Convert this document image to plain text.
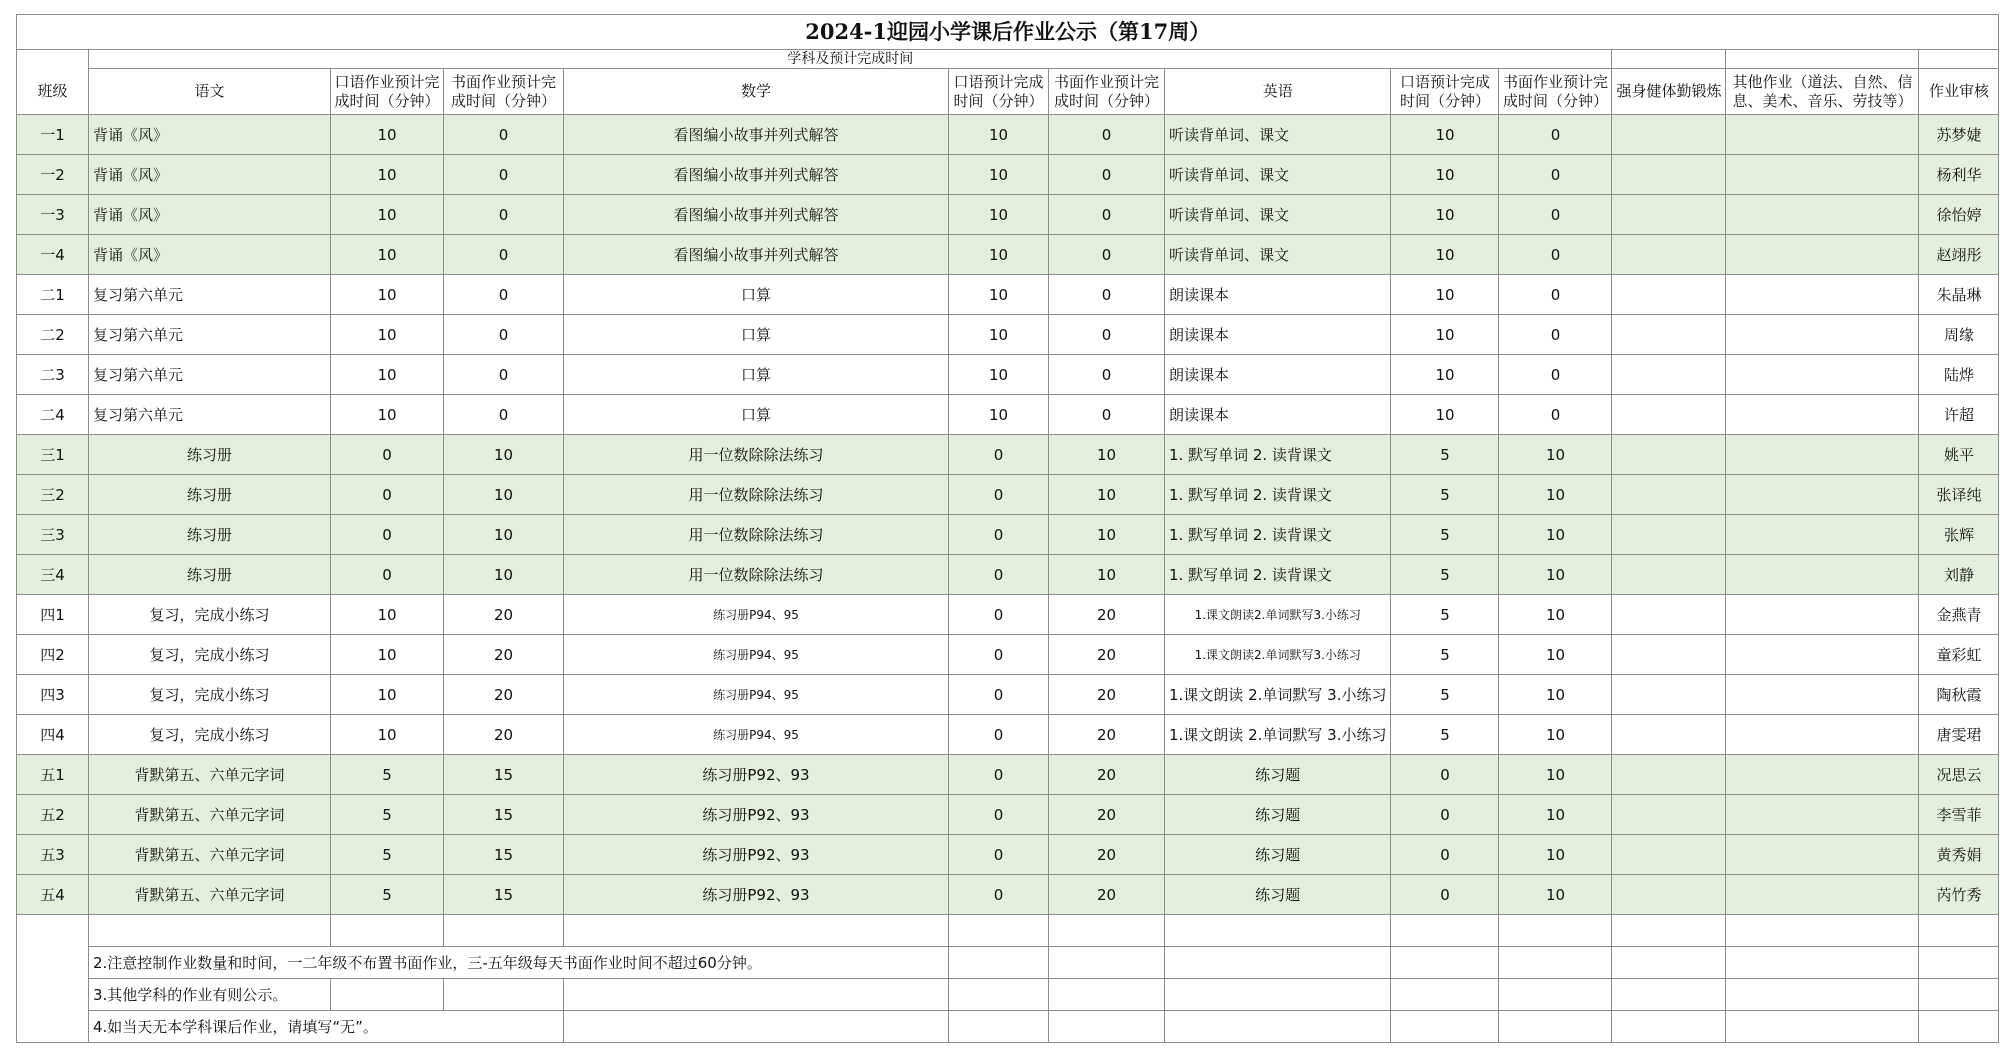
2024-1迎园小学课后作业公示（第17周）												
	学科及预计完成时间											
班级	语文	口语作业预计完成时间（分钟）	书面作业预计完成时间（分钟）	数学	口语预计完成时间（分钟）	书面作业预计完成时间（分钟）	英语	口语预计完成时间（分钟）	书面作业预计完成时间（分钟）	强身健体勤锻炼	其他作业（道法、自然、信息、美术、音乐、劳技等）	作业审核
一1	背诵《风》	10	0	看图编小故事并列式解答	10	0	听读背单词、课文	10	0			苏梦婕
一2	背诵《风》	10	0	看图编小故事并列式解答	10	0	听读背单词、课文	10	0			杨利华
一3	背诵《风》	10	0	看图编小故事并列式解答	10	0	听读背单词、课文	10	0			徐怡婷
一4	背诵《风》	10	0	看图编小故事并列式解答	10	0	听读背单词、课文	10	0			赵翊彤
二1	复习第六单元	10	0	口算	10	0	朗读课本	10	0			朱晶琳
二2	复习第六单元	10	0	口算	10	0	朗读课本	10	0			周缘
二3	复习第六单元	10	0	口算	10	0	朗读课本	10	0			陆烨
二4	复习第六单元	10	0	口算	10	0	朗读课本	10	0			许超
三1	练习册	0	10	用一位数除除法练习	0	10	1. 默写单词 2. 读背课文	5	10			姚平
三2	练习册	0	10	用一位数除除法练习	0	10	1. 默写单词 2. 读背课文	5	10			张译纯
三3	练习册	0	10	用一位数除除法练习	0	10	1. 默写单词 2. 读背课文	5	10			张辉
三4	练习册	0	10	用一位数除除法练习	0	10	1. 默写单词 2. 读背课文	5	10			刘静
四1	复习，完成小练习	10	20	练习册P94、95	0	20	1.课文朗读2.单词默写3.小练习	5	10			金燕青
四2	复习，完成小练习	10	20	练习册P94、95	0	20	1.课文朗读2.单词默写3.小练习	5	10			童彩虹
四3	复习，完成小练习	10	20	练习册P94、95	0	20	1.课文朗读 2.单词默写 3.小练习	5	10			陶秋霞
四4	复习，完成小练习	10	20	练习册P94、95	0	20	1.课文朗读 2.单词默写 3.小练习	5	10			唐雯珺
五1	背默第五、六单元字词	5	15	练习册P92、93	0	20	练习题	0	10			况思云
五2	背默第五、六单元字词	5	15	练习册P92、93	0	20	练习题	0	10			李雪菲
五3	背默第五、六单元字词	5	15	练习册P92、93	0	20	练习题	0	10			黄秀娟
五4	背默第五、六单元字词	5	15	练习册P92、93	0	20	练习题	0	10			芮竹秀

	2.注意控制作业数量和时间，一二年级不布置书面作业，三-五年级每天书面作业时间不超过60分钟。											
	3.其他学科的作业有则公示。											
	4.如当天无本学科课后作业，请填写“无”。											
